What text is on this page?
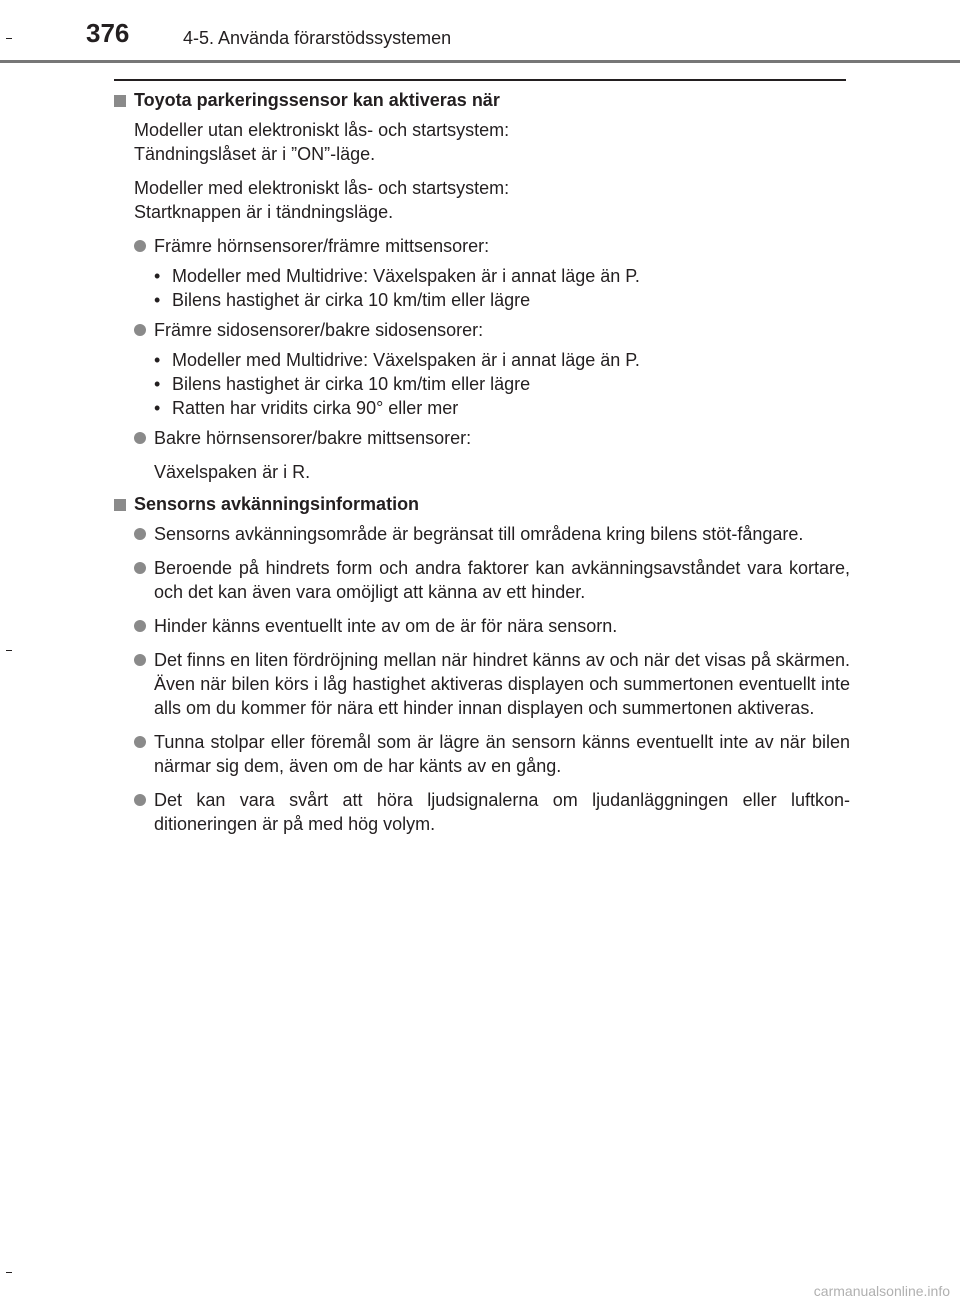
376	4-5. Använda förarstödssystemen
Toyota parkeringssensor kan aktiveras när
Modeller utan elektroniskt lås- och startsystem:
Tändningslåset är i ”ON”-läge.
Modeller med elektroniskt lås- och startsystem:
Startknappen är i tändningsläge.
Främre hörnsensorer/främre mittsensorer:
• Modeller med Multidrive: Växelspaken är i annat läge än P.
• Bilens hastighet är cirka 10 km/tim eller lägre
Främre sidosensorer/bakre sidosensorer:
• Modeller med Multidrive: Växelspaken är i annat läge än P.
• Bilens hastighet är cirka 10 km/tim eller lägre
• Ratten har vridits cirka 90° eller mer
Bakre hörnsensorer/bakre mittsensorer:
Växelspaken är i R.
Sensorns avkänningsinformation
Sensorns avkänningsområde är begränsat till områdena kring bilens stöt-fångare.
Beroende på hindrets form och andra faktorer kan avkänningsavståndet vara kortare, och det kan även vara omöjligt att känna av ett hinder.
Hinder känns eventuellt inte av om de är för nära sensorn.
Det finns en liten fördröjning mellan när hindret känns av och när det visas på skärmen. Även när bilen körs i låg hastighet aktiveras displayen och summertonen eventuellt inte alls om du kommer för nära ett hinder innan displayen och summertonen aktiveras.
Tunna stolpar eller föremål som är lägre än sensorn känns eventuellt inte av när bilen närmar sig dem, även om de har känts av en gång.
Det kan vara svårt att höra ljudsignalerna om ljudanläggningen eller luftkon-ditioneringen är på med hög volym.
carmanualsonline.info
